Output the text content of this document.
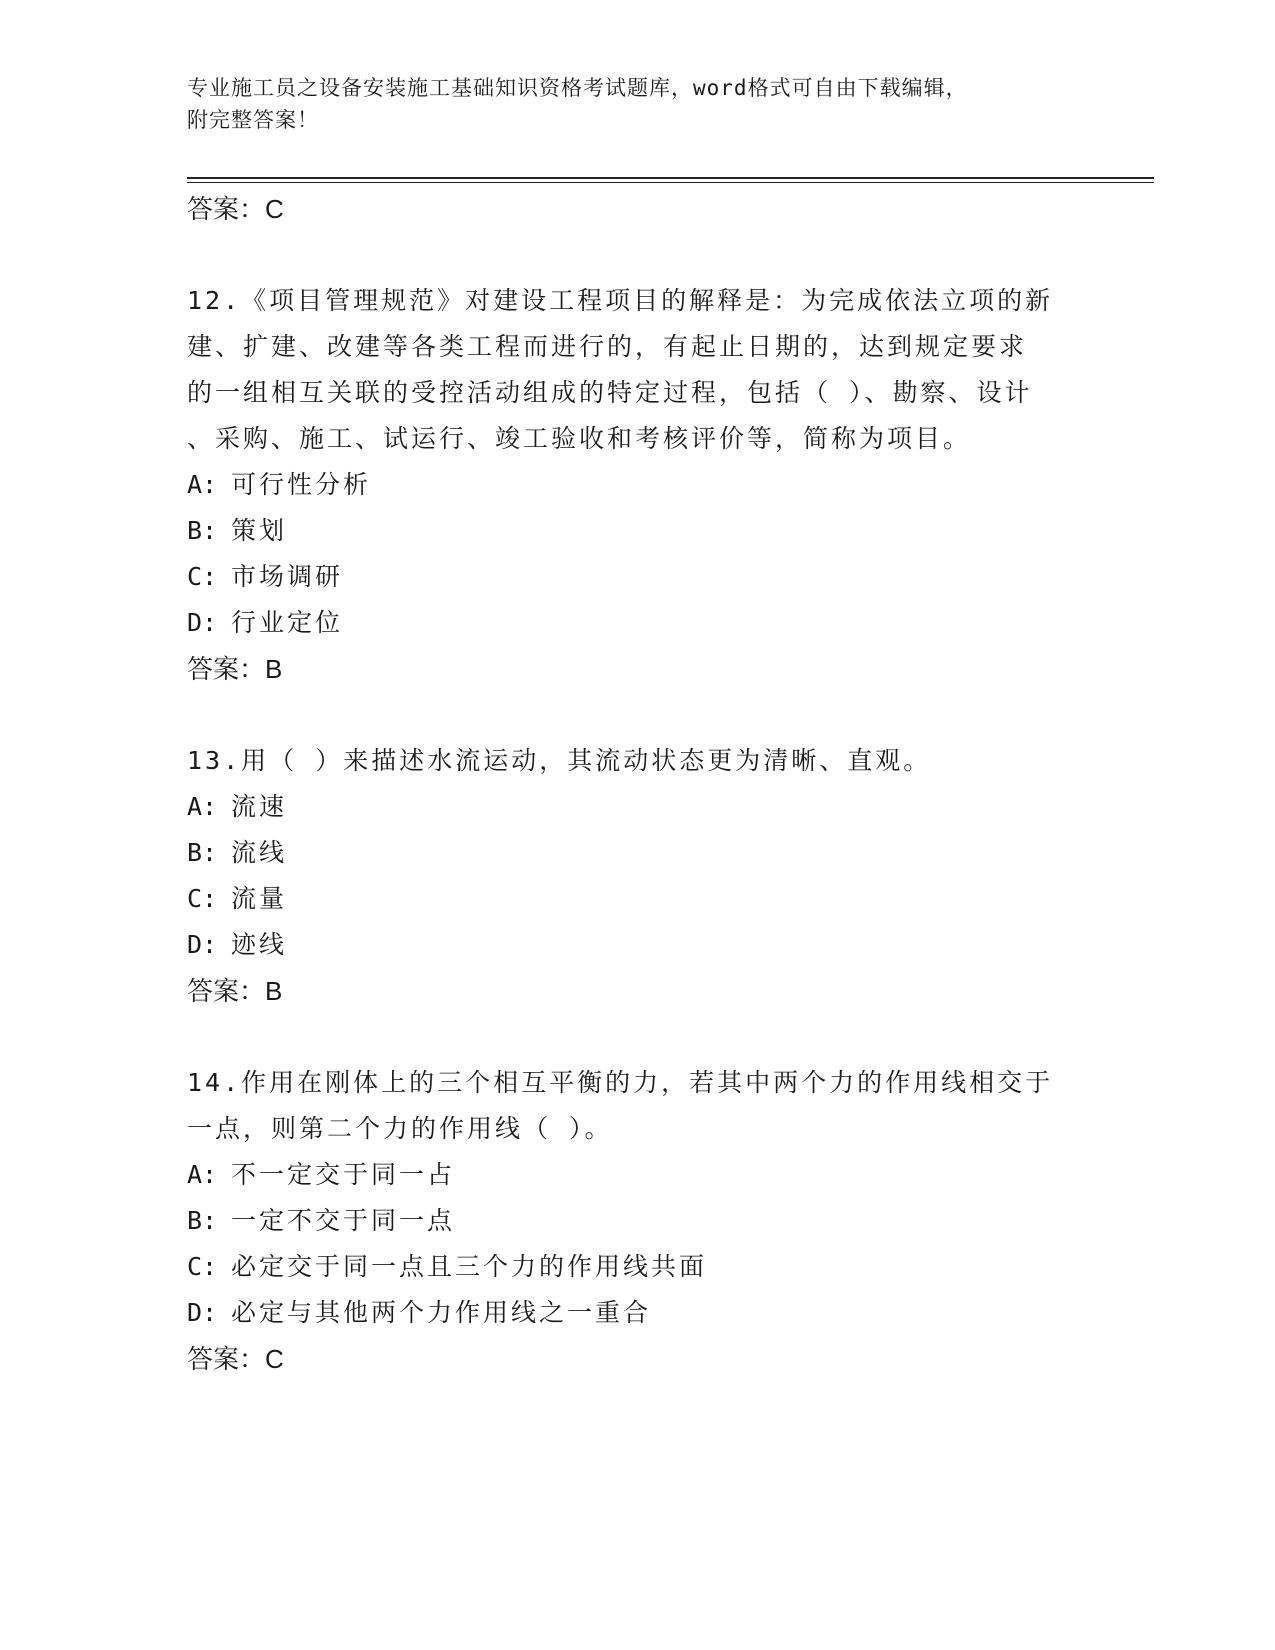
专业施工员之设备安装施工基础知识资格考试题库，word格式可自由下载编辑，
附完整答案！
答案：C
12.《项目管理规范》对建设工程项目的解释是：为完成依法立项的新
建、扩建、改建等各类工程而进行的，有起止日期的，达到规定要求
的一组相互关联的受控活动组成的特定过程，包括（ ）、勘察、设计
、采购、施工、试运行、竣工验收和考核评价等，简称为项目。
A: 可行性分析
B: 策划
C: 市场调研
D: 行业定位
答案：B
13.用（ ）来描述水流运动，其流动状态更为清晰、直观。
A: 流速
B: 流线
C: 流量
D: 迹线
答案：B
14.作用在刚体上的三个相互平衡的力，若其中两个力的作用线相交于
一点，则第二个力的作用线（ ）。
A: 不一定交于同一占
B: 一定不交于同一点
C: 必定交于同一点且三个力的作用线共面
D: 必定与其他两个力作用线之一重合
答案：C
